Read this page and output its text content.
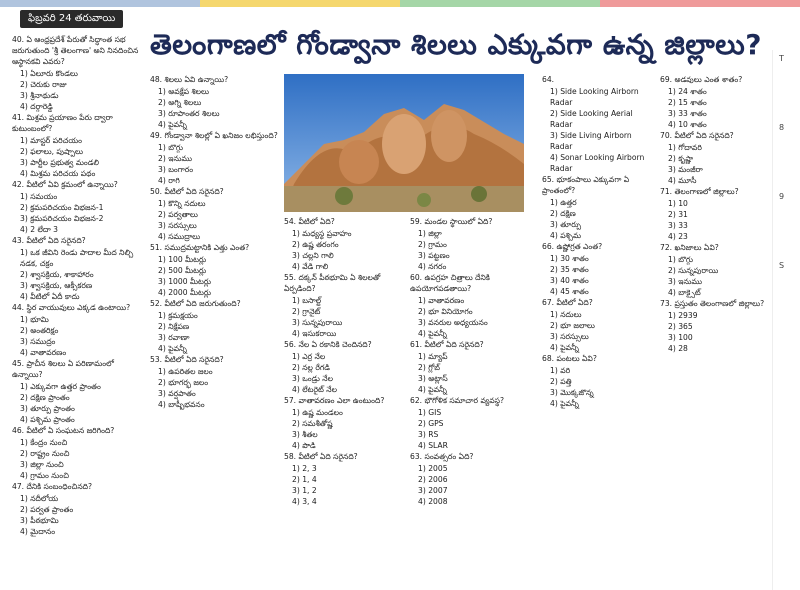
ఫిబ్రవరి 24 తరువాయి
తెలంగాణలో గోండ్వానా శిలలు ఎక్కువగా ఉన్న జిల్లాలు?
40. ఏ ఆంధ్రప్రదేశ్ పేరుతో సిద్ధాంత సభ జరుగుతుంది 'శ్రీ తెలంగాణ' అని నినదించిన ఆస్థానకవి ఎవరు?
1) ఏలూరు కొండలు
2) చెరుకు రాజు
3) శ్రీనాథుడు
4) దర్గారెడ్డి
41. మిశ్రమ ప్రయాణం పేరు ద్వారా కుటుంబంలో?
1) మాస్టర్ పరిచయం
2) ఫలాలు, పుష్పాలు
3) పార్టీల ప్రభుత్వ మండలి
4) మిశ్రమ పరిచయ పథం
42. వీటిలో ఏవి క్రమంలో ఉన్నాయి?
1) సమయం
2) క్రమపరిచయం విభజన-1
3) క్రమపరిచయం విభజన-2
4) 2 లేదా 3
43. వీటిలో ఏది సరైనది?
1) ఒక జీవిని రెండు పాదాల మీద నిల్చి నడక, చక్రం
2) శ్వాసక్రియ, శాకాహారం
3) శ్వాసక్రియ, ఆక్సీకరణ
4) వీటిలో ఏదీ కాదు
44. స్థిర వాయువులు ఎక్కడ ఉంటాయి?
1) భూమి
2) అంతరిక్షం
3) సముద్రం
4) వాతావరణం
45. ప్రాచీన శిలలు ఏ పరిణామంలో ఉన్నాయి?
1) ఎక్కువగా ఉత్తర ప్రాంతం
2) దక్షిణ ప్రాంతం
3) తూర్పు ప్రాంతం
4) పశ్చిమ ప్రాంతం
46. వీటిలో ఏ సంఘటన జరిగింది?
1) కేంద్రం నుంచి
2) రాష్ట్రం నుంచి
3) జిల్లా నుంచి
4) గ్రామం నుంచి
47. దేనికి సంబంధించినది?
1) నదీలోయ
2) పర్వత ప్రాంతం
3) పీఠభూమి
4) మైదానం
48. శిలలు ఏవి ఉన్నాయి?
1) అవక్షేప శిలలు
2) అగ్ని శిలలు
3) రూపాంతర శిలలు
4) పైవన్నీ
49. గోండ్వానా శిలల్లో ఏ ఖనిజం లభిస్తుంది?
1) బొగ్గు
2) ఇనుము
3) బంగారం
4) రాగి
50. వీటిలో ఏది సరైనది?
1) కొన్ని నదులు
2) పర్వతాలు
3) సరస్సులు
4) సముద్రాలు
51. సముద్రమట్టానికి ఎత్తు ఎంత?
1) 100 మీటర్లు
2) 500 మీటర్లు
3) 1000 మీటర్లు
4) 2000 మీటర్లు
52. వీటిలో ఏది జరుగుతుంది?
1) క్రమక్షయం
2) నిక్షేపణ
3) రవాణా
4) పైవన్నీ
53. వీటిలో ఏది సరైనది?
1) ఉపరితల జలం
2) భూగర్భ జలం
3) వర్షపాతం
4) బాష్పీభవనం
54. వీటిలో ఏది?
1) మధ్యస్థ ప్రవాహం
2) ఉష్ణ తరంగం
3) చల్లని గాలి
4) వేడి గాలి
55. దక్కన్ పీఠభూమి ఏ శిలలతో ఏర్పడింది?
1) బసాల్ట్
2) గ్రానైట్
3) సున్నపురాయి
4) ఇసుకరాయి
56. నేల ఏ రకానికి చెందినది?
1) ఎర్ర నేల
2) నల్ల రేగడి
3) ఒండ్రు నేల
4) లేటరైట్ నేల
57. వాతావరణం ఎలా ఉంటుంది?
1) ఉష్ణ మండలం
2) సమశీతోష్ణ
3) శీతల
4) పొడి
58. వీటిలో ఏది సరైనది?
1) 2, 3
2) 1, 4
3) 1, 2
4) 3, 4
59. మండల స్థాయిలో ఏది?
1) జిల్లా
2) గ్రామం
3) పట్టణం
4) నగరం
60. ఉపగ్రహ చిత్రాలు దేనికి ఉపయోగపడతాయి?
1) వాతావరణం
2) భూ వినియోగం
3) వనరుల అధ్యయనం
4) పైవన్నీ
61. వీటిలో ఏది సరైనది?
1) మ్యాప్
2) గ్లోబ్
3) అట్లాస్
4) పైవన్నీ
62. భౌగోళిక సమాచార వ్యవస్థ?
1) GIS
2) GPS
3) RS
4) SLAR
63. సంవత్సరం ఏది?
1) 2005
2) 2006
3) 2007
4) 2008
64.
1) Side Looking Airborn Radar
2) Side Looking Aerial Radar
3) Side Living Airborn Radar
4) Sonar Looking Airborn Radar
65. భూకంపాలు ఎక్కువగా ఏ ప్రాంతంలో?
1) ఉత్తర
2) దక్షిణ
3) తూర్పు
4) పశ్చిమ
66. ఉష్ణోగ్రత ఎంత?
1) 30 శాతం
2) 35 శాతం
3) 40 శాతం
4) 45 శాతం
67. వీటిలో ఏది?
1) నదులు
2) భూ జలాలు
3) సరస్సులు
4) పైవన్నీ
68. పంటలు ఏవి?
1) వరి
2) పత్తి
3) మొక్కజొన్న
4) పైవన్నీ
69. అడవులు ఎంత శాతం?
1) 24 శాతం
2) 15 శాతం
3) 33 శాతం
4) 10 శాతం
70. వీటిలో ఏది సరైనది?
1) గోదావరి
2) కృష్ణా
3) మంజీరా
4) మూసీ
71. తెలంగాణలో జిల్లాలు?
1) 10
2) 31
3) 33
4) 23
72. ఖనిజాలు ఏవి?
1) బొగ్గు
2) సున్నపురాయి
3) ఇనుము
4) బాక్సైట్
73. ప్రస్తుతం తెలంగాణలో జిల్లాలు?
1) 2939
2) 365
3) 100
4) 28
T
8
9
S
